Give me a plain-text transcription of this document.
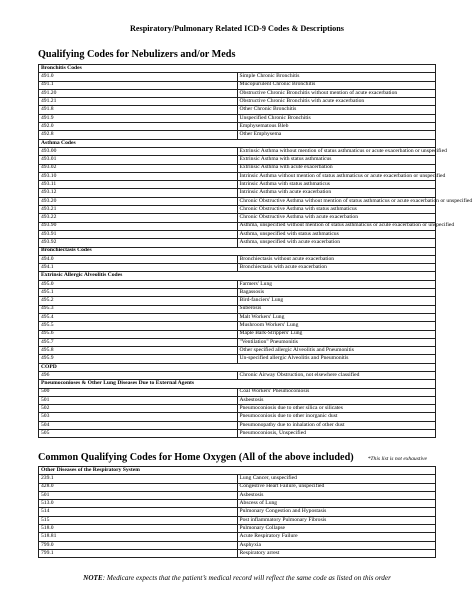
Respiratory/Pulmonary Related ICD-9 Codes & Descriptions
Qualifying Codes for Nebulizers and/or Meds
Bronchitis Codes	
491.0	Simple Chronic Bronchitis
491.1	Mucopurulent Chronic Bronchitis
491.20	Obstructive Chronic Bronchitis without mention of acute exacerbation
491.21	Obstructive Chronic Bronchitis with acute exacerbation
491.8	Other Chronic Bronchitis
491.9	Unspecified Chronic Bronchitis
492.0	Emphysematous Bleb
492.8	Other Emphysema
Asthma Codes	
493.00	Extrinsic Asthma without mention of status asthmaticus or acute exacerbation or unspecified
493.01	Extrinsic Asthma with status asthmaticus
493.02	Extrinsic Asthma with acute exacerbation
493.10	Intrinsic Asthma without mention of status asthmaticus or acute exacerbation or unspecified
493.11	Intrinsic Asthma with status asthmaticus
493.12	Intrinsic Asthma with acute exacerbation
493.20	Chronic Obstructive Asthma without mention of status asthmaticus or acute exacerbation or unspecified
493.21	Chronic Obstructive Asthma with status asthmaticus
493.22	Chronic Obstructive Asthma with acute exacerbation
493.90	Asthma, unspecified without mention of status asthmaticus or acute exacerbation or unspecified
493.91	Asthma, unspecified with status asthmaticus
493.92	Asthma, unspecified with acute exacerbation
Bronchiectasis Codes	
494.0	Bronchiectasis without acute exacerbation
494.1	Bronchiectasis with acute exacerbation
Extrinsic Allergic Alveolitis Codes	
495.0	Farmers' Lung
495.1	Bagassosis
495.2	Bird-fanciers' Lung
495.3	Suberosis
495.4	Malt Workers' Lung
495.5	Mushroom Workers' Lung
495.6	Maple Bark-Strippers' Lung
495.7	"Ventilation" Pneumonitis
495.8	Other specified allergic Alveolitis and Pneumonitis
495.9	Un-specified allergic Alveolitis and Pneumonitis
COPD	
496	Chronic Airway Obstruction, not elsewhere classified
Pneumoconioses & Other Lung Diseases Due to External Agents	
500	Coal Workers' Pneumoconiosis
501	Asbestosis
502	Pneumoconiosis due to other silica or silicates
503	Pneumoconiosis due to other inorganic dust
504	Pneumonopathy due to inhalation of other dust
505	Pneumoconiosis, Unspecified
Common Qualifying Codes for Home Oxygen (All of the above included)	*This list is not exhaustive
Other Diseases of the Respiratory System	
239.1	Lung Cancer, unspecified
428.0	Congestive Heart Failure, unspecified
501	Asbestosis
513.0	Abscess of Lung
514	Pulmonary Congestion and Hypostasis
515	Post inflammatory Pulmonary Fibrosis
518.0	Pulmonary Collapse
518.81	Acute Respiratory Failure
799.0	Asphyxia
799.1	Respiratory arrest
NOTE: Medicare expects that the patient’s medical record will reflect the same code as listed on this order
